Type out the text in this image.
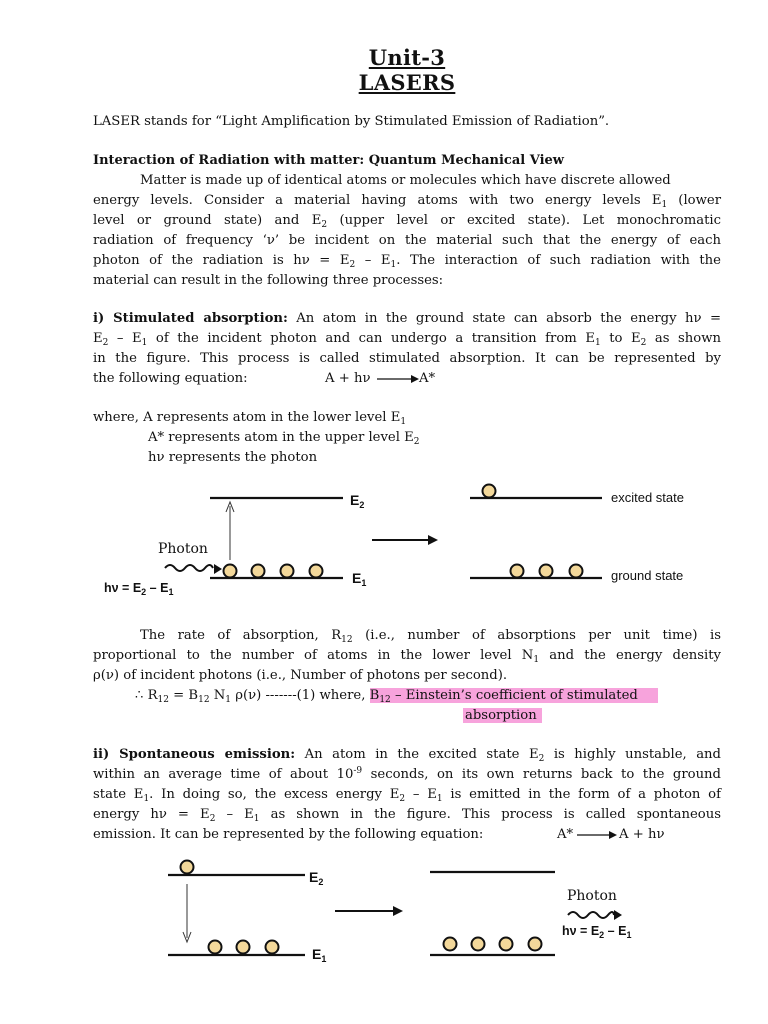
Unit-3
LASERS
LASER stands for “Light Amplification by Stimulated Emission of Radiation”.
Interaction of Radiation with matter: Quantum Mechanical View
Matter is made up of identical atoms or molecules which have discrete allowed
energy levels. Consider a material having atoms with two energy levels $E_1$ (lower
level or ground state) and $E_2$ (upper level or excited state). Let monochromatic
radiation of frequency ‘ν’ be incident on the material such that the energy of each
photon of the radiation is $h\nu = E_2 - E_1$. The interaction of such radiation with the
material can result in the following three processes:
i) Stimulated absorption: An atom in the ground state can absorb the energy hν =
$E_2 - E_1$ of the incident photon and can undergo a transition from $E_1$ to $E_2$ as shown
in the figure. This process is called stimulated absorption. It can be represented by
the following equation:	A + hν	A*
where, A represents atom in the lower level $E_1$
A* represents atom in the upper level $E_2$
hν represents the photon
$E_2$
$E_1$
Photon
$h\nu = E_2 - E_1$
excited state
ground state
The rate of absorption, $R_{12}$ (i.e., number of absorptions per unit time) is
proportional to the number of atoms in the lower level $N_1$ and the energy density
ρ(ν) of incident photons (i.e., Number of photons per second).
∴ $R_{12} = B_{12}$ $N_1$ ρ(ν) -------(1) where, $B_{12}$ – Einstein’s coefficient of stimulated
absorption
ii) Spontaneous emission: An atom in the excited state $E_2$ is highly unstable, and
within an average time of about $10^{-9}$ seconds, on its own returns back to the ground
state $E_1$. In doing so, the excess energy $E_2 - E_1$ is emitted in the form of a photon of
energy $h\nu = E_2 - E_1$ as shown in the figure. This process is called spontaneous
emission. It can be represented by the following equation:	A*	A + hν
$E_2$
$E_1$
Photon
$h\nu = E_2 - E_1$
